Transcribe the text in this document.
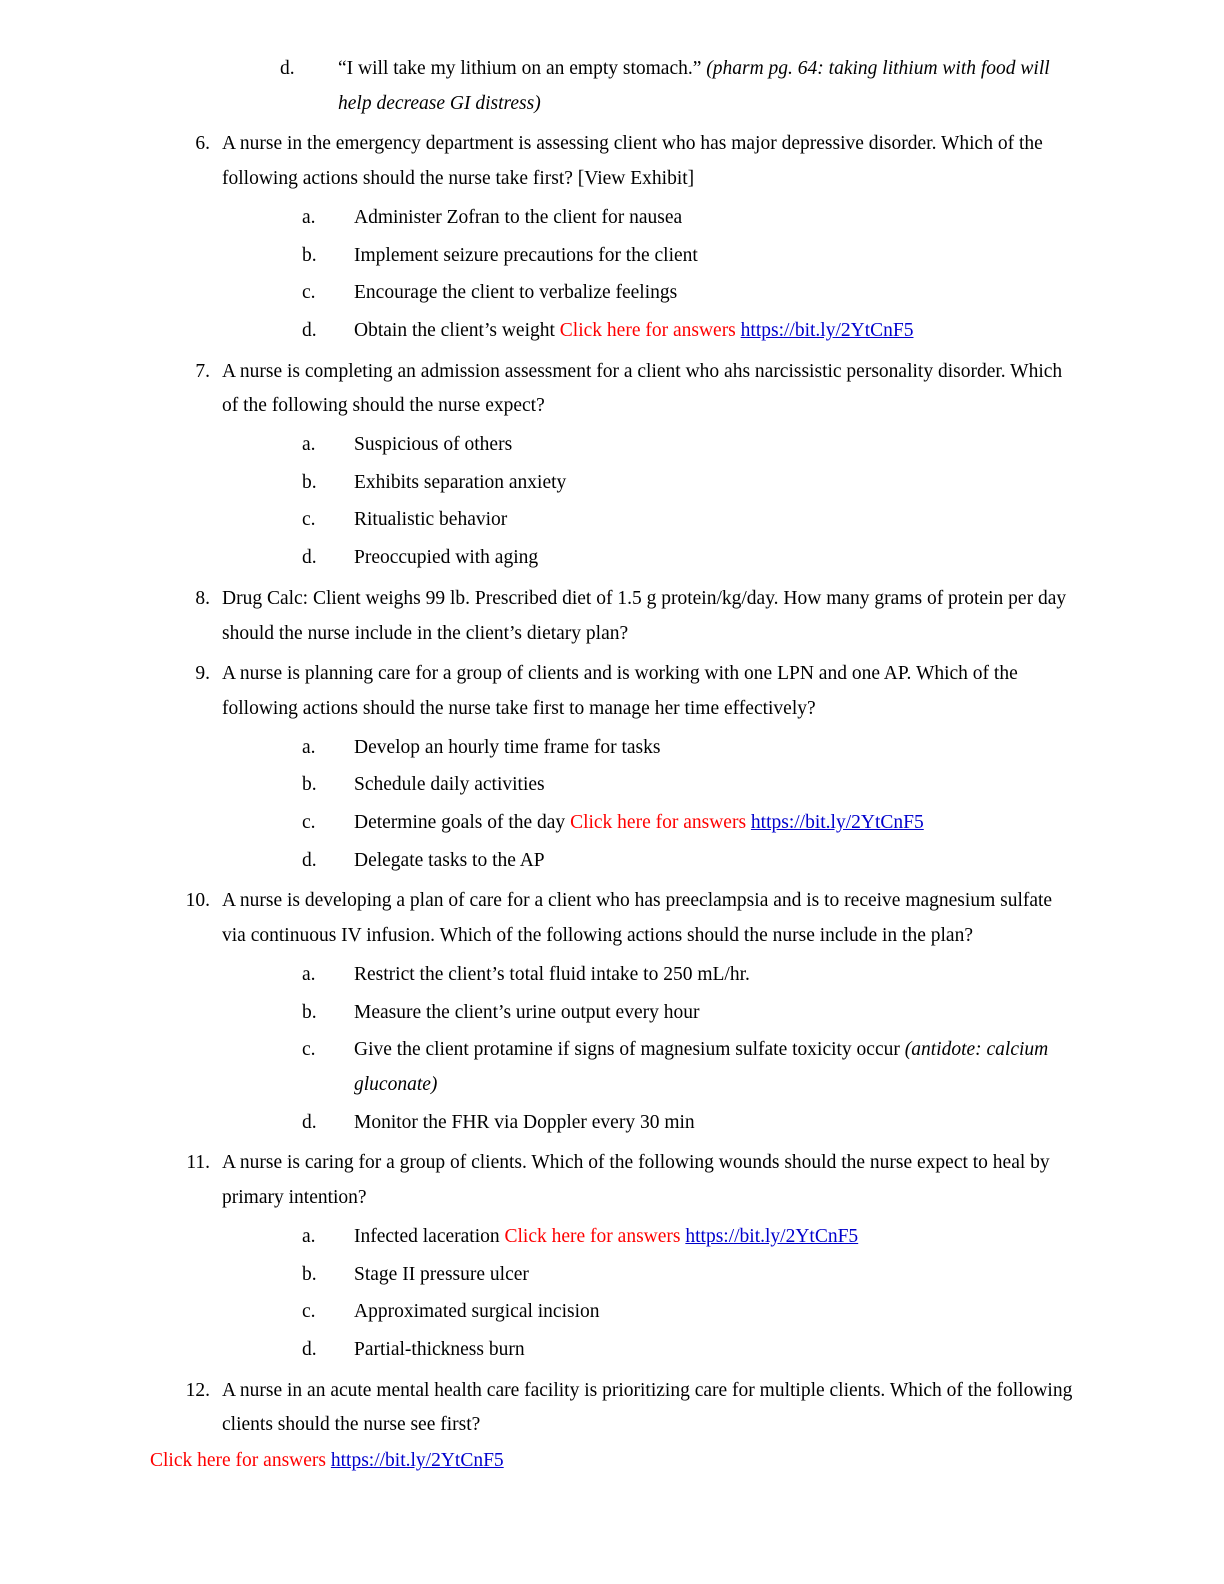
d. “I will take my lithium on an empty stomach.” (pharm pg. 64: taking lithium with food will help decrease GI distress)
6. A nurse in the emergency department is assessing client who has major depressive disorder. Which of the following actions should the nurse take first? [View Exhibit]
a.	Administer Zofran to the client for nausea
b.	Implement seizure precautions for the client
c.	Encourage the client to verbalize feelings
d.	Obtain the client’s weight Click here for answers https://bit.ly/2YtCnF5
7. A nurse is completing an admission assessment for a client who ahs narcissistic personality disorder. Which of the following should the nurse expect?
a.	Suspicious of others
b.	Exhibits separation anxiety
c.	Ritualistic behavior
d.	Preoccupied with aging
8. Drug Calc: Client weighs 99 lb. Prescribed diet of 1.5 g protein/kg/day. How many grams of protein per day should the nurse include in the client’s dietary plan?
9. A nurse is planning care for a group of clients and is working with one LPN and one AP. Which of the following actions should the nurse take first to manage her time effectively?
a.	Develop an hourly time frame for tasks
b.	Schedule daily activities
c.	Determine goals of the day Click here for answers https://bit.ly/2YtCnF5
d.	Delegate tasks to the AP
10. A nurse is developing a plan of care for a client who has preeclampsia and is to receive magnesium sulfate via continuous IV infusion. Which of the following actions should the nurse include in the plan?
a.	Restrict the client’s total fluid intake to 250 mL/hr.
b.	Measure the client’s urine output every hour
c.	Give the client protamine if signs of magnesium sulfate toxicity occur (antidote: calcium gluconate)
d.	Monitor the FHR via Doppler every 30 min
11. A nurse is caring for a group of clients. Which of the following wounds should the nurse expect to heal by primary intention?
a.	Infected laceration Click here for answers https://bit.ly/2YtCnF5
b.	Stage II pressure ulcer
c.	Approximated surgical incision
d.	Partial-thickness burn
12. A nurse in an acute mental health care facility is prioritizing care for multiple clients. Which of the following clients should the nurse see first?
Click here for answers https://bit.ly/2YtCnF5
